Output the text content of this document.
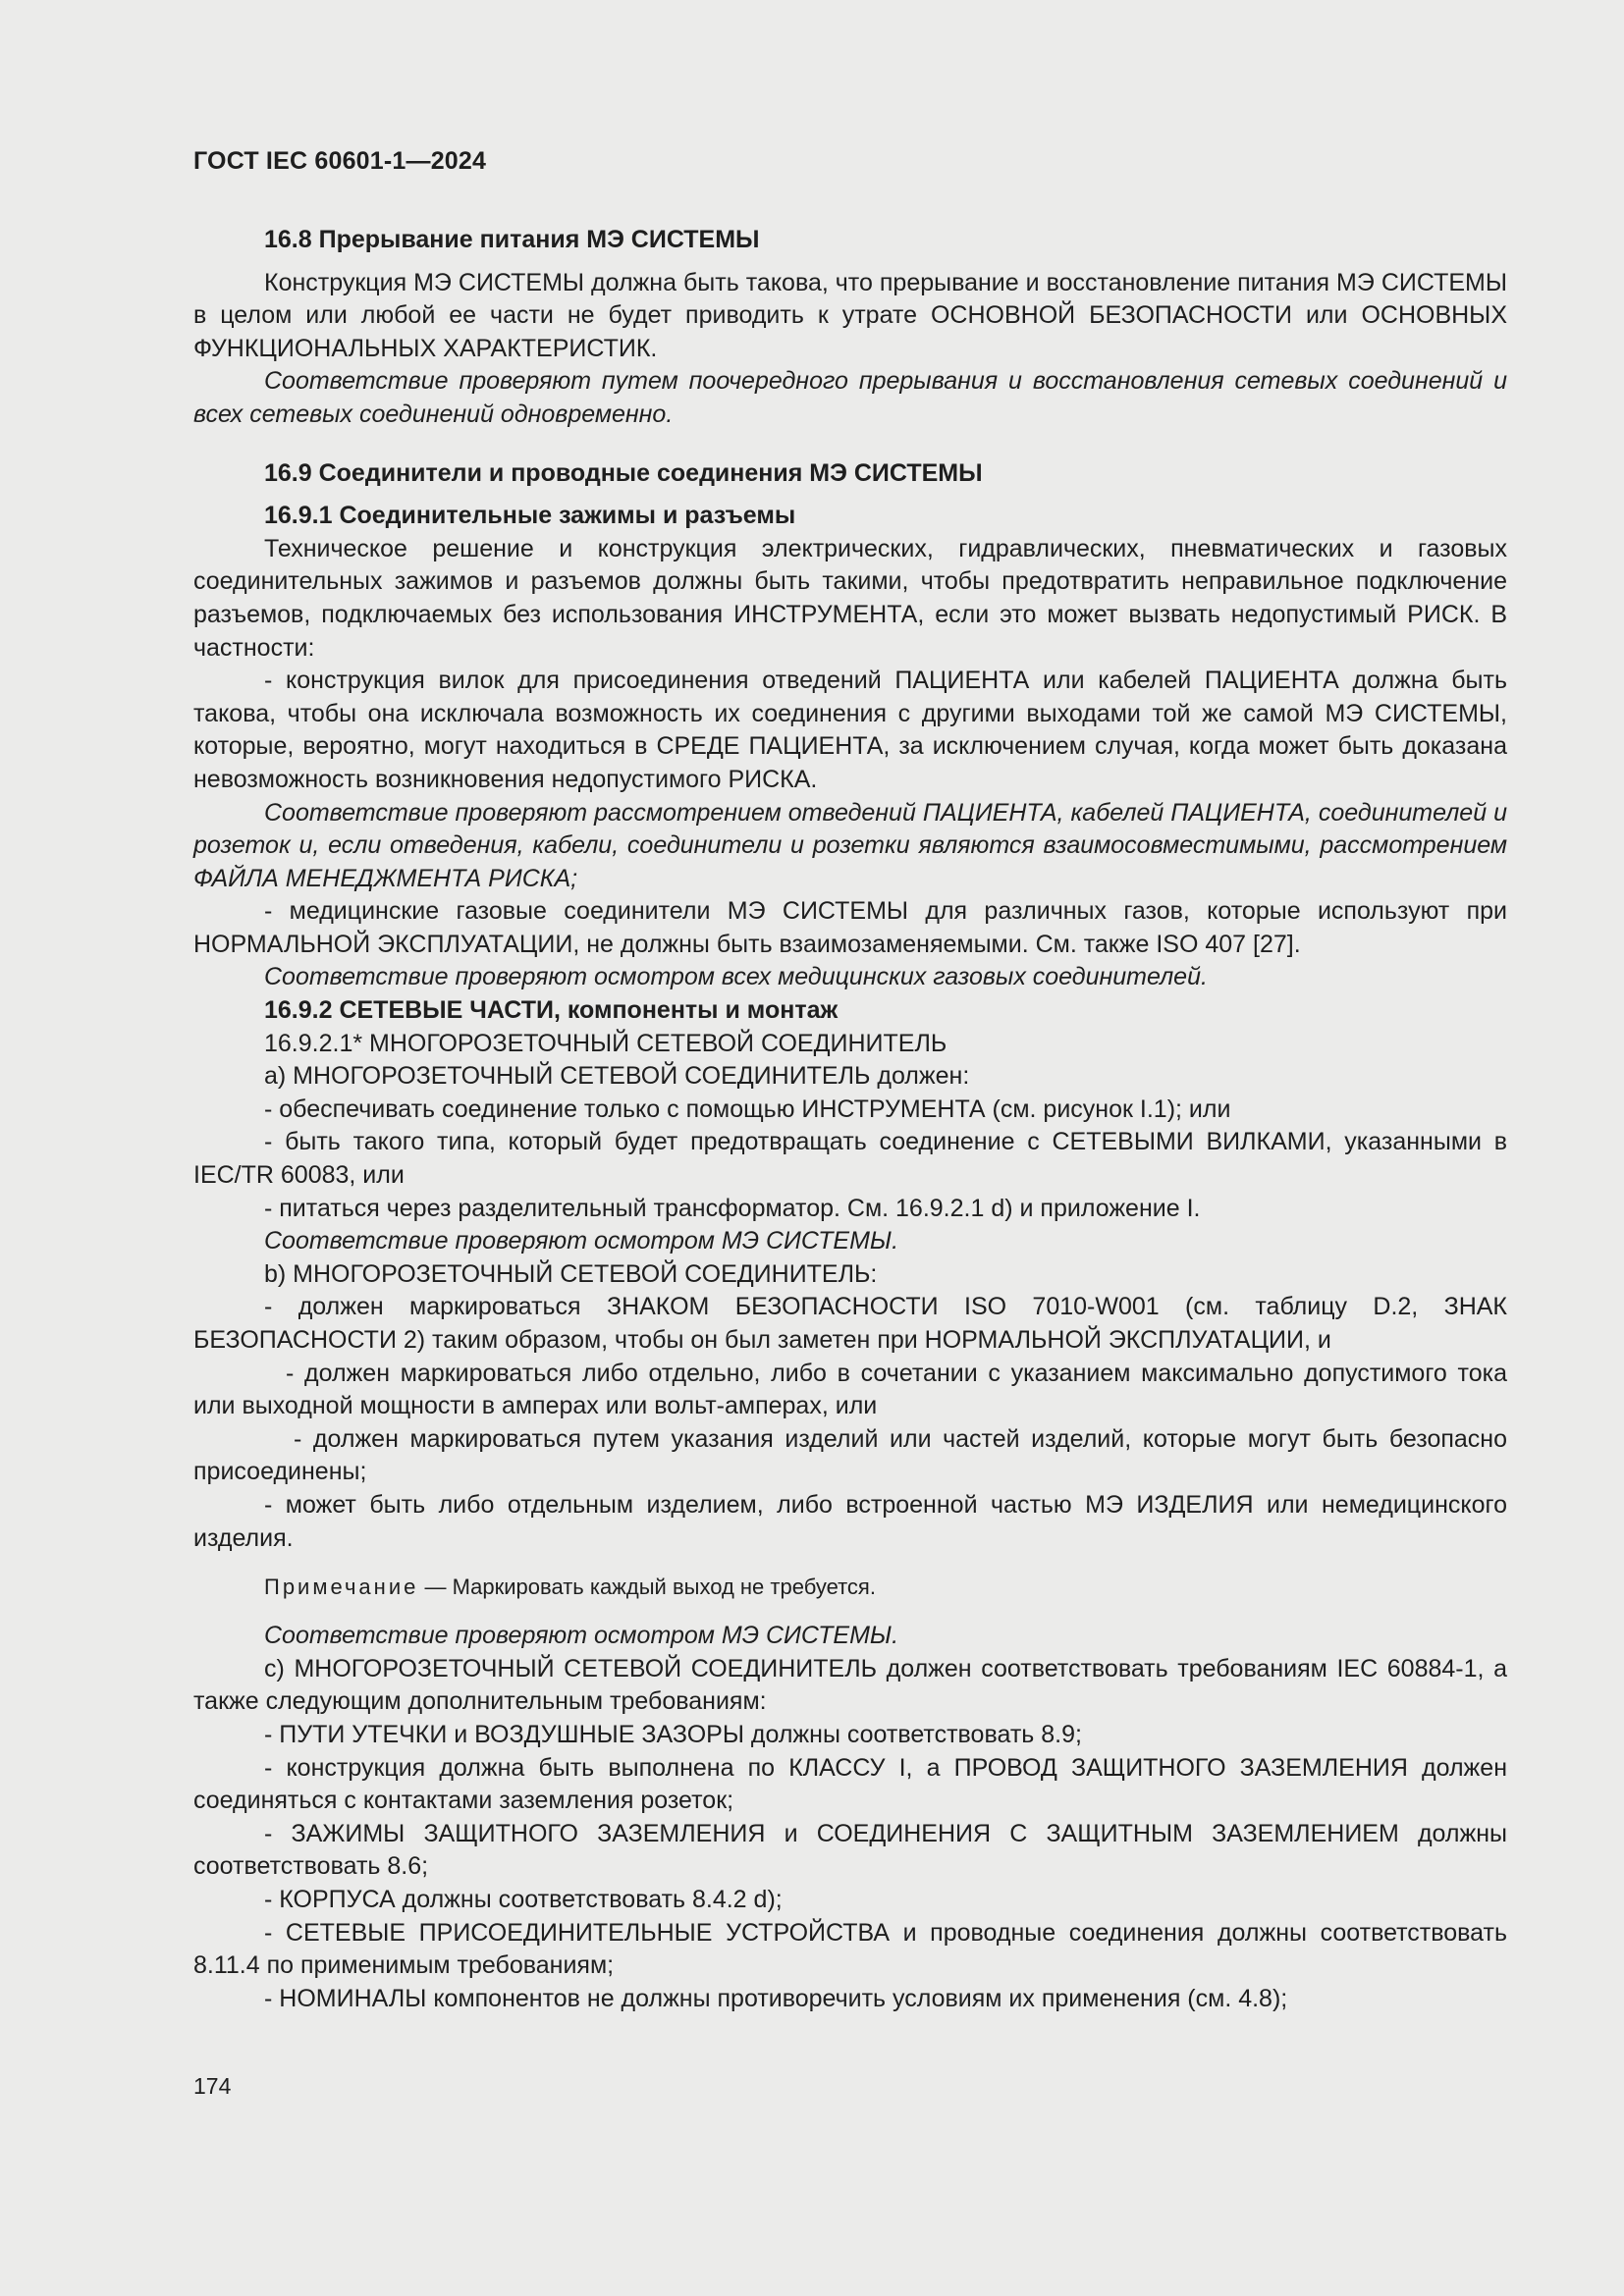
ГОСТ IEC 60601-1—2024

16.8 Прерывание питания МЭ СИСТЕМЫ

Конструкция МЭ СИСТЕМЫ должна быть такова, что прерывание и восстановление питания МЭ СИСТЕМЫ в целом или любой ее части не будет приводить к утрате ОСНОВНОЙ БЕЗОПАСНОСТИ или ОСНОВНЫХ ФУНКЦИОНАЛЬНЫХ ХАРАКТЕРИСТИК.

Соответствие проверяют путем поочередного прерывания и восстановления сетевых соединений и всех сетевых соединений одновременно.

16.9 Соединители и проводные соединения МЭ СИСТЕМЫ

16.9.1 Соединительные зажимы и разъемы

Техническое решение и конструкция электрических, гидравлических, пневматических и газовых соединительных зажимов и разъемов должны быть такими, чтобы предотвратить неправильное подключение разъемов, подключаемых без использования ИНСТРУМЕНТА, если это может вызвать недопустимый РИСК. В частности:

- конструкция вилок для присоединения отведений ПАЦИЕНТА или кабелей ПАЦИЕНТА должна быть такова, чтобы она исключала возможность их соединения с другими выходами той же самой МЭ СИСТЕМЫ, которые, вероятно, могут находиться в СРЕДЕ ПАЦИЕНТА, за исключением случая, когда может быть доказана невозможность возникновения недопустимого РИСКА.

Соответствие проверяют рассмотрением отведений ПАЦИЕНТА, кабелей ПАЦИЕНТА, соединителей и розеток и, если отведения, кабели, соединители и розетки являются взаимосовместимыми, рассмотрением ФАЙЛА МЕНЕДЖМЕНТА РИСКА;

- медицинские газовые соединители МЭ СИСТЕМЫ для различных газов, которые используют при НОРМАЛЬНОЙ ЭКСПЛУАТАЦИИ, не должны быть взаимозаменяемыми. См. также ISO 407 [27].

Соответствие проверяют осмотром всех медицинских газовых соединителей.

16.9.2 СЕТЕВЫЕ ЧАСТИ, компоненты и монтаж

16.9.2.1* МНОГОРОЗЕТОЧНЫЙ СЕТЕВОЙ СОЕДИНИТЕЛЬ

a) МНОГОРОЗЕТОЧНЫЙ СЕТЕВОЙ СОЕДИНИТЕЛЬ должен:

- обеспечивать соединение только с помощью ИНСТРУМЕНТА (см. рисунок I.1); или

- быть такого типа, который будет предотвращать соединение с СЕТЕВЫМИ ВИЛКАМИ, указанными в IEC/TR 60083, или

- питаться через разделительный трансформатор. См. 16.9.2.1 d) и приложение I.

Соответствие проверяют осмотром МЭ СИСТЕМЫ.

b) МНОГОРОЗЕТОЧНЫЙ СЕТЕВОЙ СОЕДИНИТЕЛЬ:

- должен маркироваться ЗНАКОМ БЕЗОПАСНОСТИ ISO 7010-W001 (см. таблицу D.2, ЗНАК БЕЗОПАСНОСТИ 2) таким образом, чтобы он был заметен при НОРМАЛЬНОЙ ЭКСПЛУАТАЦИИ, и

- должен маркироваться либо отдельно, либо в сочетании с указанием максимально допустимого тока или выходной мощности в амперах или вольт-амперах, или

- должен маркироваться путем указания изделий или частей изделий, которые могут быть безопасно присоединены;

- может быть либо отдельным изделием, либо встроенной частью МЭ ИЗДЕЛИЯ или немедицинского изделия.

Примечание — Маркировать каждый выход не требуется.

Соответствие проверяют осмотром МЭ СИСТЕМЫ.

c) МНОГОРОЗЕТОЧНЫЙ СЕТЕВОЙ СОЕДИНИТЕЛЬ должен соответствовать требованиям IEC 60884-1, а также следующим дополнительным требованиям:

- ПУТИ УТЕЧКИ и ВОЗДУШНЫЕ ЗАЗОРЫ должны соответствовать 8.9;

- конструкция должна быть выполнена по КЛАССУ I, а ПРОВОД ЗАЩИТНОГО ЗАЗЕМЛЕНИЯ должен соединяться с контактами заземления розеток;

- ЗАЖИМЫ ЗАЩИТНОГО ЗАЗЕМЛЕНИЯ и СОЕДИНЕНИЯ С ЗАЩИТНЫМ ЗАЗЕМЛЕНИЕМ должны соответствовать 8.6;

- КОРПУСА должны соответствовать 8.4.2 d);

- СЕТЕВЫЕ ПРИСОЕДИНИТЕЛЬНЫЕ УСТРОЙСТВА и проводные соединения должны соответствовать 8.11.4 по применимым требованиям;

- НОМИНАЛЫ компонентов не должны противоречить условиям их применения (см. 4.8);

174
